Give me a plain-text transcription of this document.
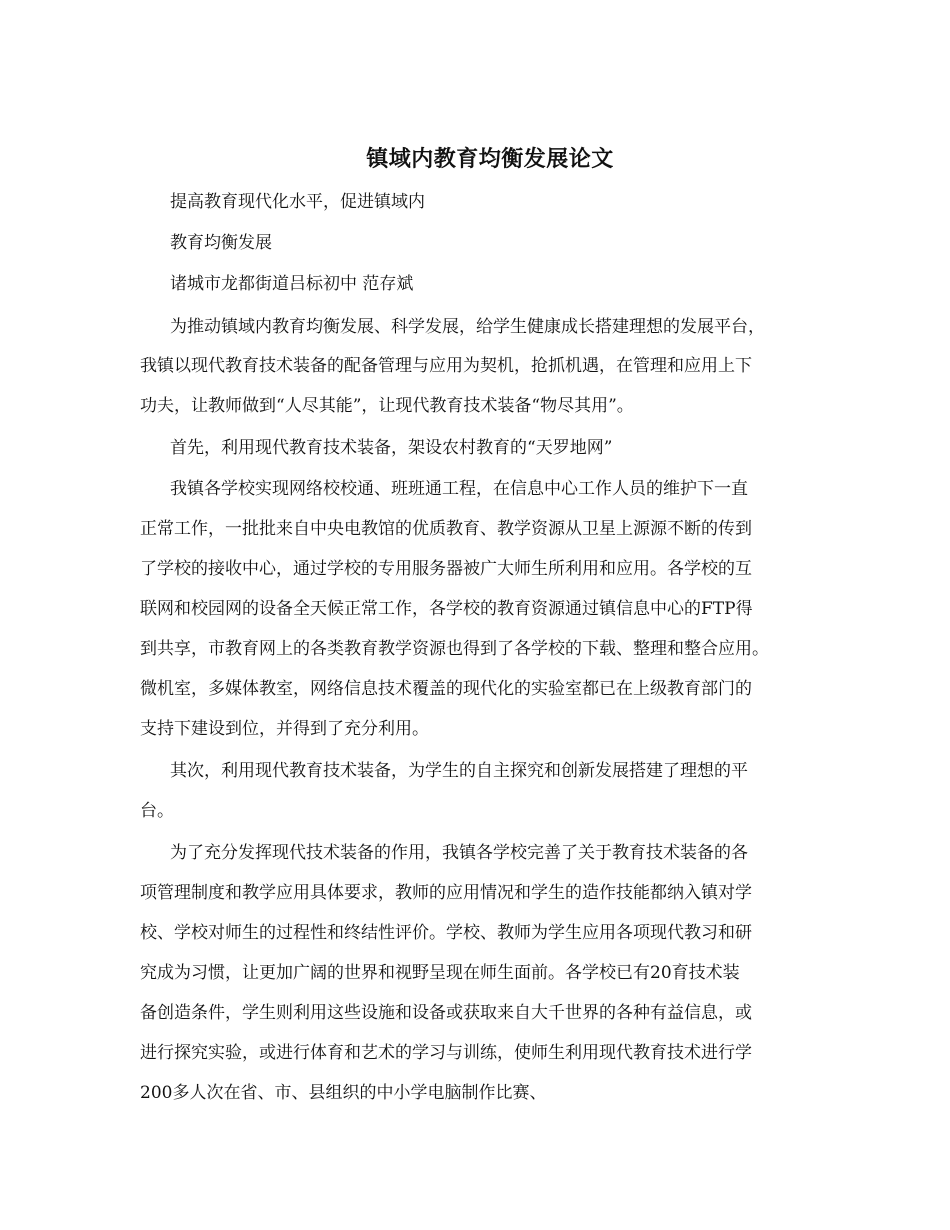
镇域内教育均衡发展论文
提高教育现代化水平，促进镇域内
教育均衡发展
诸城市龙都街道吕标初中 范存斌
为推动镇域内教育均衡发展、科学发展，给学生健康成长搭建理想的发展平台，
我镇以现代教育技术装备的配备管理与应用为契机，抢抓机遇，在管理和应用上下
功夫，让教师做到“人尽其能”，让现代教育技术装备“物尽其用”。
首先，利用现代教育技术装备，架设农村教育的“天罗地网”
我镇各学校实现网络校校通、班班通工程，在信息中心工作人员的维护下一直
正常工作，一批批来自中央电教馆的优质教育、教学资源从卫星上源源不断的传到
了学校的接收中心，通过学校的专用服务器被广大师生所利用和应用。各学校的互
联网和校园网的设备全天候正常工作，各学校的教育资源通过镇信息中心的FTP得
到共享，市教育网上的各类教育教学资源也得到了各学校的下载、整理和整合应用。
微机室，多媒体教室，网络信息技术覆盖的现代化的实验室都已在上级教育部门的
支持下建设到位，并得到了充分利用。
其次，利用现代教育技术装备，为学生的自主探究和创新发展搭建了理想的平
台。
为了充分发挥现代技术装备的作用，我镇各学校完善了关于教育技术装备的各
项管理制度和教学应用具体要求，教师的应用情况和学生的造作技能都纳入镇对学
校、学校对师生的过程性和终结性评价。学校、教师为学生应用各项现代教习和研
究成为习惯，让更加广阔的世界和视野呈现在师生面前。各学校已有20育技术装
备创造条件，学生则利用这些设施和设备或获取来自大千世界的各种有益信息，或
进行探究实验，或进行体育和艺术的学习与训练，使师生利用现代教育技术进行学
200多人次在省、市、县组织的中小学电脑制作比赛、
